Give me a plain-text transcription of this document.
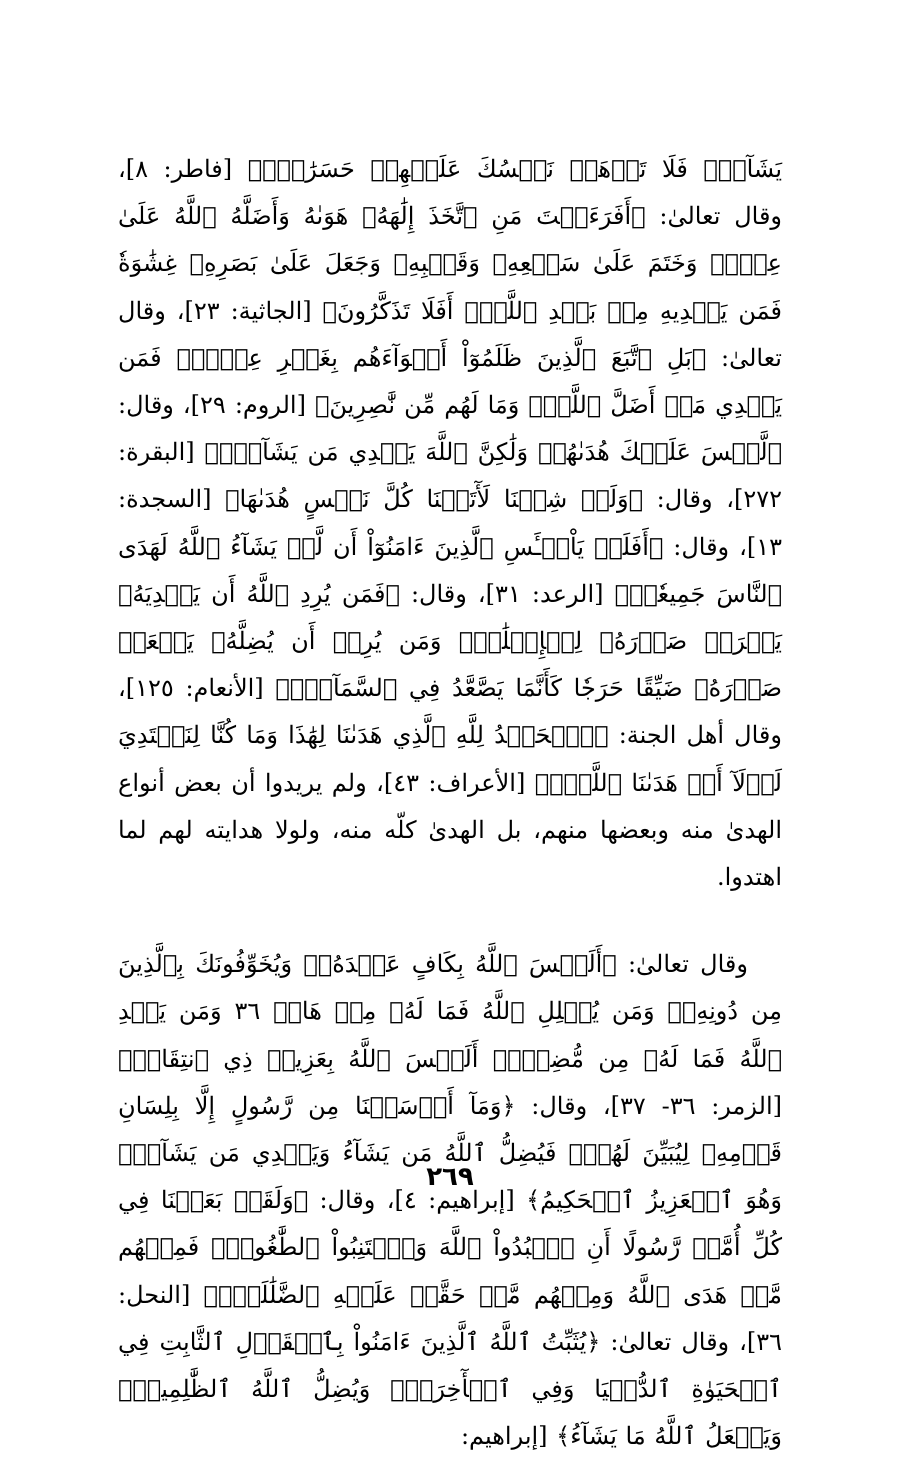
يَشَآءُۖ فَلَا تَذۡهَبۡ نَفۡسُكَ عَلَيۡهِمۡ حَسَرَٰتٍۚ﴾ [فاطر: ٨]، وقال تعالىٰ: ﴿أَفَرَءَيۡتَ مَنِ ٱتَّخَذَ إِلَٰهَهُۥ هَوَىٰهُ وَأَضَلَّهُ ٱللَّهُ عَلَىٰ عِلۡمٖ وَخَتَمَ عَلَىٰ سَمۡعِهِۦ وَقَلۡبِهِۦ وَجَعَلَ عَلَىٰ بَصَرِهِۦ غِشَٰوَةٗ فَمَن يَهۡدِيهِ مِنۢ بَعۡدِ ٱللَّهِۚ أَفَلَا تَذَكَّرُونَ﴾ [الجاثية: ٢٣]، وقال تعالىٰ: ﴿بَلِ ٱتَّبَعَ ٱلَّذِينَ ظَلَمُوٓاْ أَهۡوَآءَهُم بِغَيۡرِ عِلۡمٖۖ فَمَن يَهۡدِي مَنۡ أَضَلَّ ٱللَّهُۖ وَمَا لَهُم مِّن نَّٰصِرِينَ﴾ [الروم: ٢٩]، وقال: ﴿لَّيۡسَ عَلَيۡكَ هُدَىٰهُمۡ وَلَٰكِنَّ ٱللَّهَ يَهۡدِي مَن يَشَآءُۗ﴾ [البقرة: ٢٧٢]، وقال: ﴿وَلَوۡ شِئۡنَا لَأٓتَيۡنَا كُلَّ نَفۡسٍ هُدَىٰهَا﴾ [السجدة: ١٣]، وقال: ﴿أَفَلَمۡ يَاْيۡـَٔسِ ٱلَّذِينَ ءَامَنُوٓاْ أَن لَّوۡ يَشَآءُ ٱللَّهُ لَهَدَى ٱلنَّاسَ جَمِيعٗاۗ﴾ [الرعد: ٣١]، وقال: ﴿فَمَن يُرِدِ ٱللَّهُ أَن يَهۡدِيَهُۥ يَشۡرَحۡ صَدۡرَهُۥ لِلۡإِسۡلَٰمِۖ وَمَن يُرِدۡ أَن يُضِلَّهُۥ يَجۡعَلۡ صَدۡرَهُۥ ضَيِّقًا حَرَجٗا كَأَنَّمَا يَصَّعَّدُ فِي ٱلسَّمَآءِۚ﴾ [الأنعام: ١٢٥]، وقال أهل الجنة: ﴿ٱلۡحَمۡدُ لِلَّهِ ٱلَّذِي هَدَىٰنَا لِهَٰذَا وَمَا كُنَّا لِنَهۡتَدِيَ لَوۡلَآ أَنۡ هَدَىٰنَا ٱللَّهُۖ﴾ [الأعراف: ٤٣]، ولم يريدوا أن بعض أنواع الهدىٰ منه وبعضها منهم، بل الهدىٰ كلّه منه، ولولا هدايته لهم لما اهتدوا.

وقال تعالىٰ: ﴿أَلَيۡسَ ٱللَّهُ بِكَافٍ عَبۡدَهُۥۖ وَيُخَوِّفُونَكَ بِٱلَّذِينَ مِن دُونِهِۦۚ وَمَن يُضۡلِلِ ٱللَّهُ فَمَا لَهُۥ مِنۡ هَادٖ ٣٦ وَمَن يَهۡدِ ٱللَّهُ فَمَا لَهُۥ مِن مُّضِلٍّۗ أَلَيۡسَ ٱللَّهُ بِعَزِيزٖ ذِي ٱنتِقَامٖ﴾ [الزمر: ٣٦- ٣٧]، وقال: ﴿وَمَآ أَرۡسَلۡنَا مِن رَّسُولٍ إِلَّا بِلِسَانِ قَوۡمِهِۦ لِيُبَيِّنَ لَهُمۡۖ فَيُضِلُّ ٱللَّهُ مَن يَشَآءُ وَيَهۡدِي مَن يَشَآءُۚ وَهُوَ ٱلۡعَزِيزُ ٱلۡحَكِيمُ﴾ [إبراهيم: ٤]، وقال: ﴿وَلَقَدۡ بَعَثۡنَا فِي كُلِّ أُمَّةٖ رَّسُولًا أَنِ ٱعۡبُدُواْ ٱللَّهَ وَٱجۡتَنِبُواْ ٱلطَّٰغُوتَۖ فَمِنۡهُم مَّنۡ هَدَى ٱللَّهُ وَمِنۡهُم مَّنۡ حَقَّتۡ عَلَيۡهِ ٱلضَّلَٰلَةُۚ﴾ [النحل: ٣٦]، وقال تعالىٰ: ﴿يُثَبِّتُ ٱللَّهُ ٱلَّذِينَ ءَامَنُواْ بِٱلۡقَوۡلِ ٱلثَّابِتِ فِي ٱلۡحَيَوٰةِ ٱلدُّنۡيَا وَفِي ٱلۡأٓخِرَةِۖ وَيُضِلُّ ٱللَّهُ ٱلظَّٰلِمِينَۚ وَيَفۡعَلُ ٱللَّهُ مَا يَشَآءُ﴾ [إبراهيم:

٢٦٩
